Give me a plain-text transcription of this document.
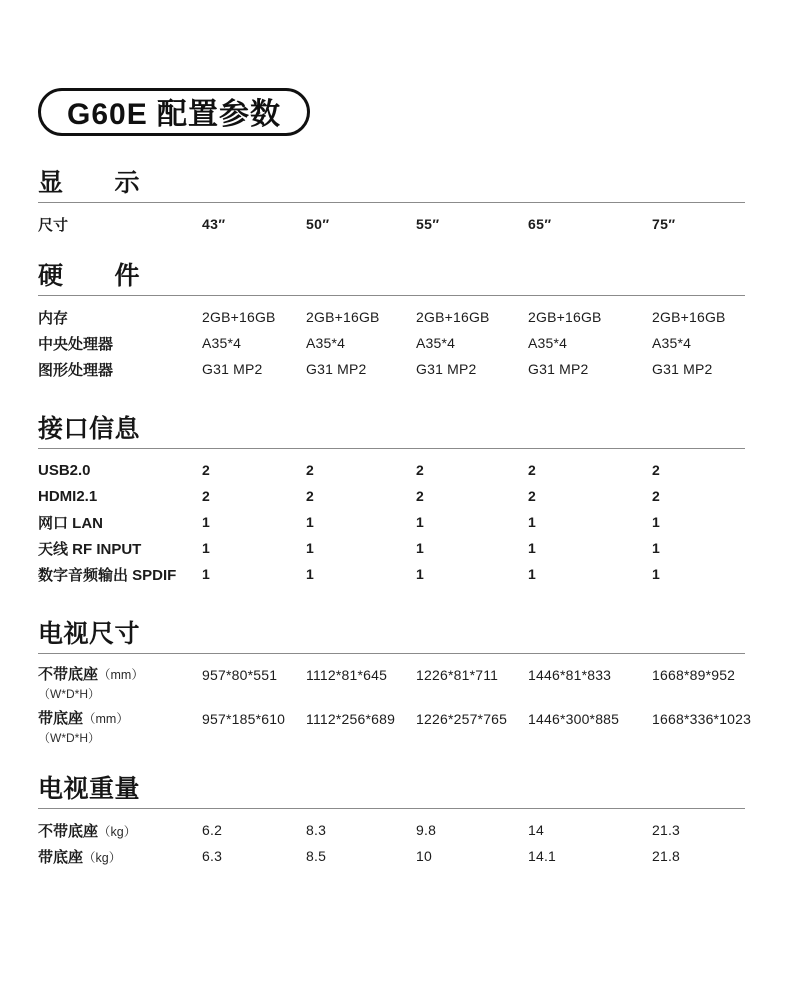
G60E 配置参数
显　　示
尺寸	43″	50″	55″	65″	75″
硬　　件
内存	2GB+16GB	2GB+16GB	2GB+16GB	2GB+16GB	2GB+16GB
中央处理器	A35*4	A35*4	A35*4	A35*4	A35*4
图形处理器	G31 MP2	G31 MP2	G31 MP2	G31 MP2	G31 MP2
接口信息
USB2.0	2	2	2	2	2
HDMI2.1	2	2	2	2	2
网口 LAN	1	1	1	1	1
天线 RF INPUT	1	1	1	1	1
数字音频输出 SPDIF	1	1	1	1	1
电视尺寸
不带底座（mm）
（W*D*H）
957*80*551	1112*81*645	1226*81*711	1446*81*833	1668*89*952
带底座（mm）
（W*D*H）
957*185*610	1112*256*689	1226*257*765	1446*300*885	1668*336*1023
电视重量
不带底座（kg）	6.2	8.3	9.8	14	21.3
带底座（kg）	6.3	8.5	10	14.1	21.8
